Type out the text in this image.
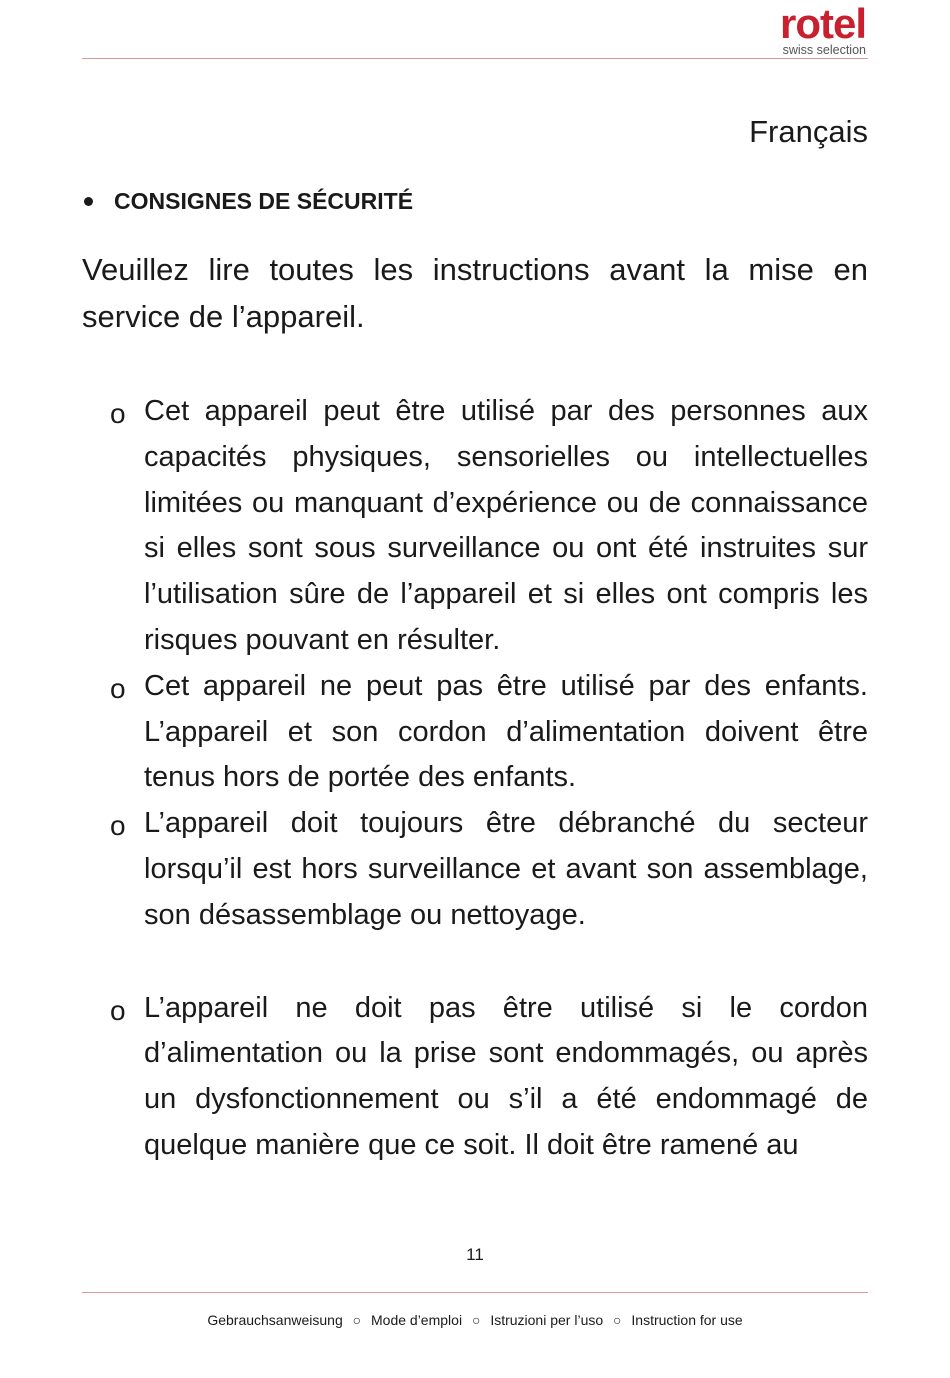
rotel
swiss selection
Français
CONSIGNES DE SÉCURITÉ
Veuillez lire toutes les instructions avant la mise en service de l’appareil.
o Cet appareil peut être utilisé par des personnes aux capacités physiques, sensorielles ou intellectuelles limitées ou manquant d’expérience ou de connaissance si elles sont sous surveillance ou ont été instruites sur l’utilisation sûre de l’appareil et si elles ont compris les risques pouvant en résulter.
o Cet appareil ne peut pas être utilisé par des enfants. L’appareil et son cordon d’alimentation doivent être tenus hors de portée des enfants.
o L’appareil doit toujours être débranché du secteur lorsqu’il est hors surveillance et avant son assemblage, son désassemblage ou nettoyage.
o L’appareil ne doit pas être utilisé si le cordon d’alimentation ou la prise sont endommagés, ou après un dysfonctionnement ou s’il a été endommagé de quelque manière que ce soit. Il doit être ramené au
11
Gebrauchsanweisung ○ Mode d’emploi ○ Istruzioni per l’uso ○ Instruction for use
